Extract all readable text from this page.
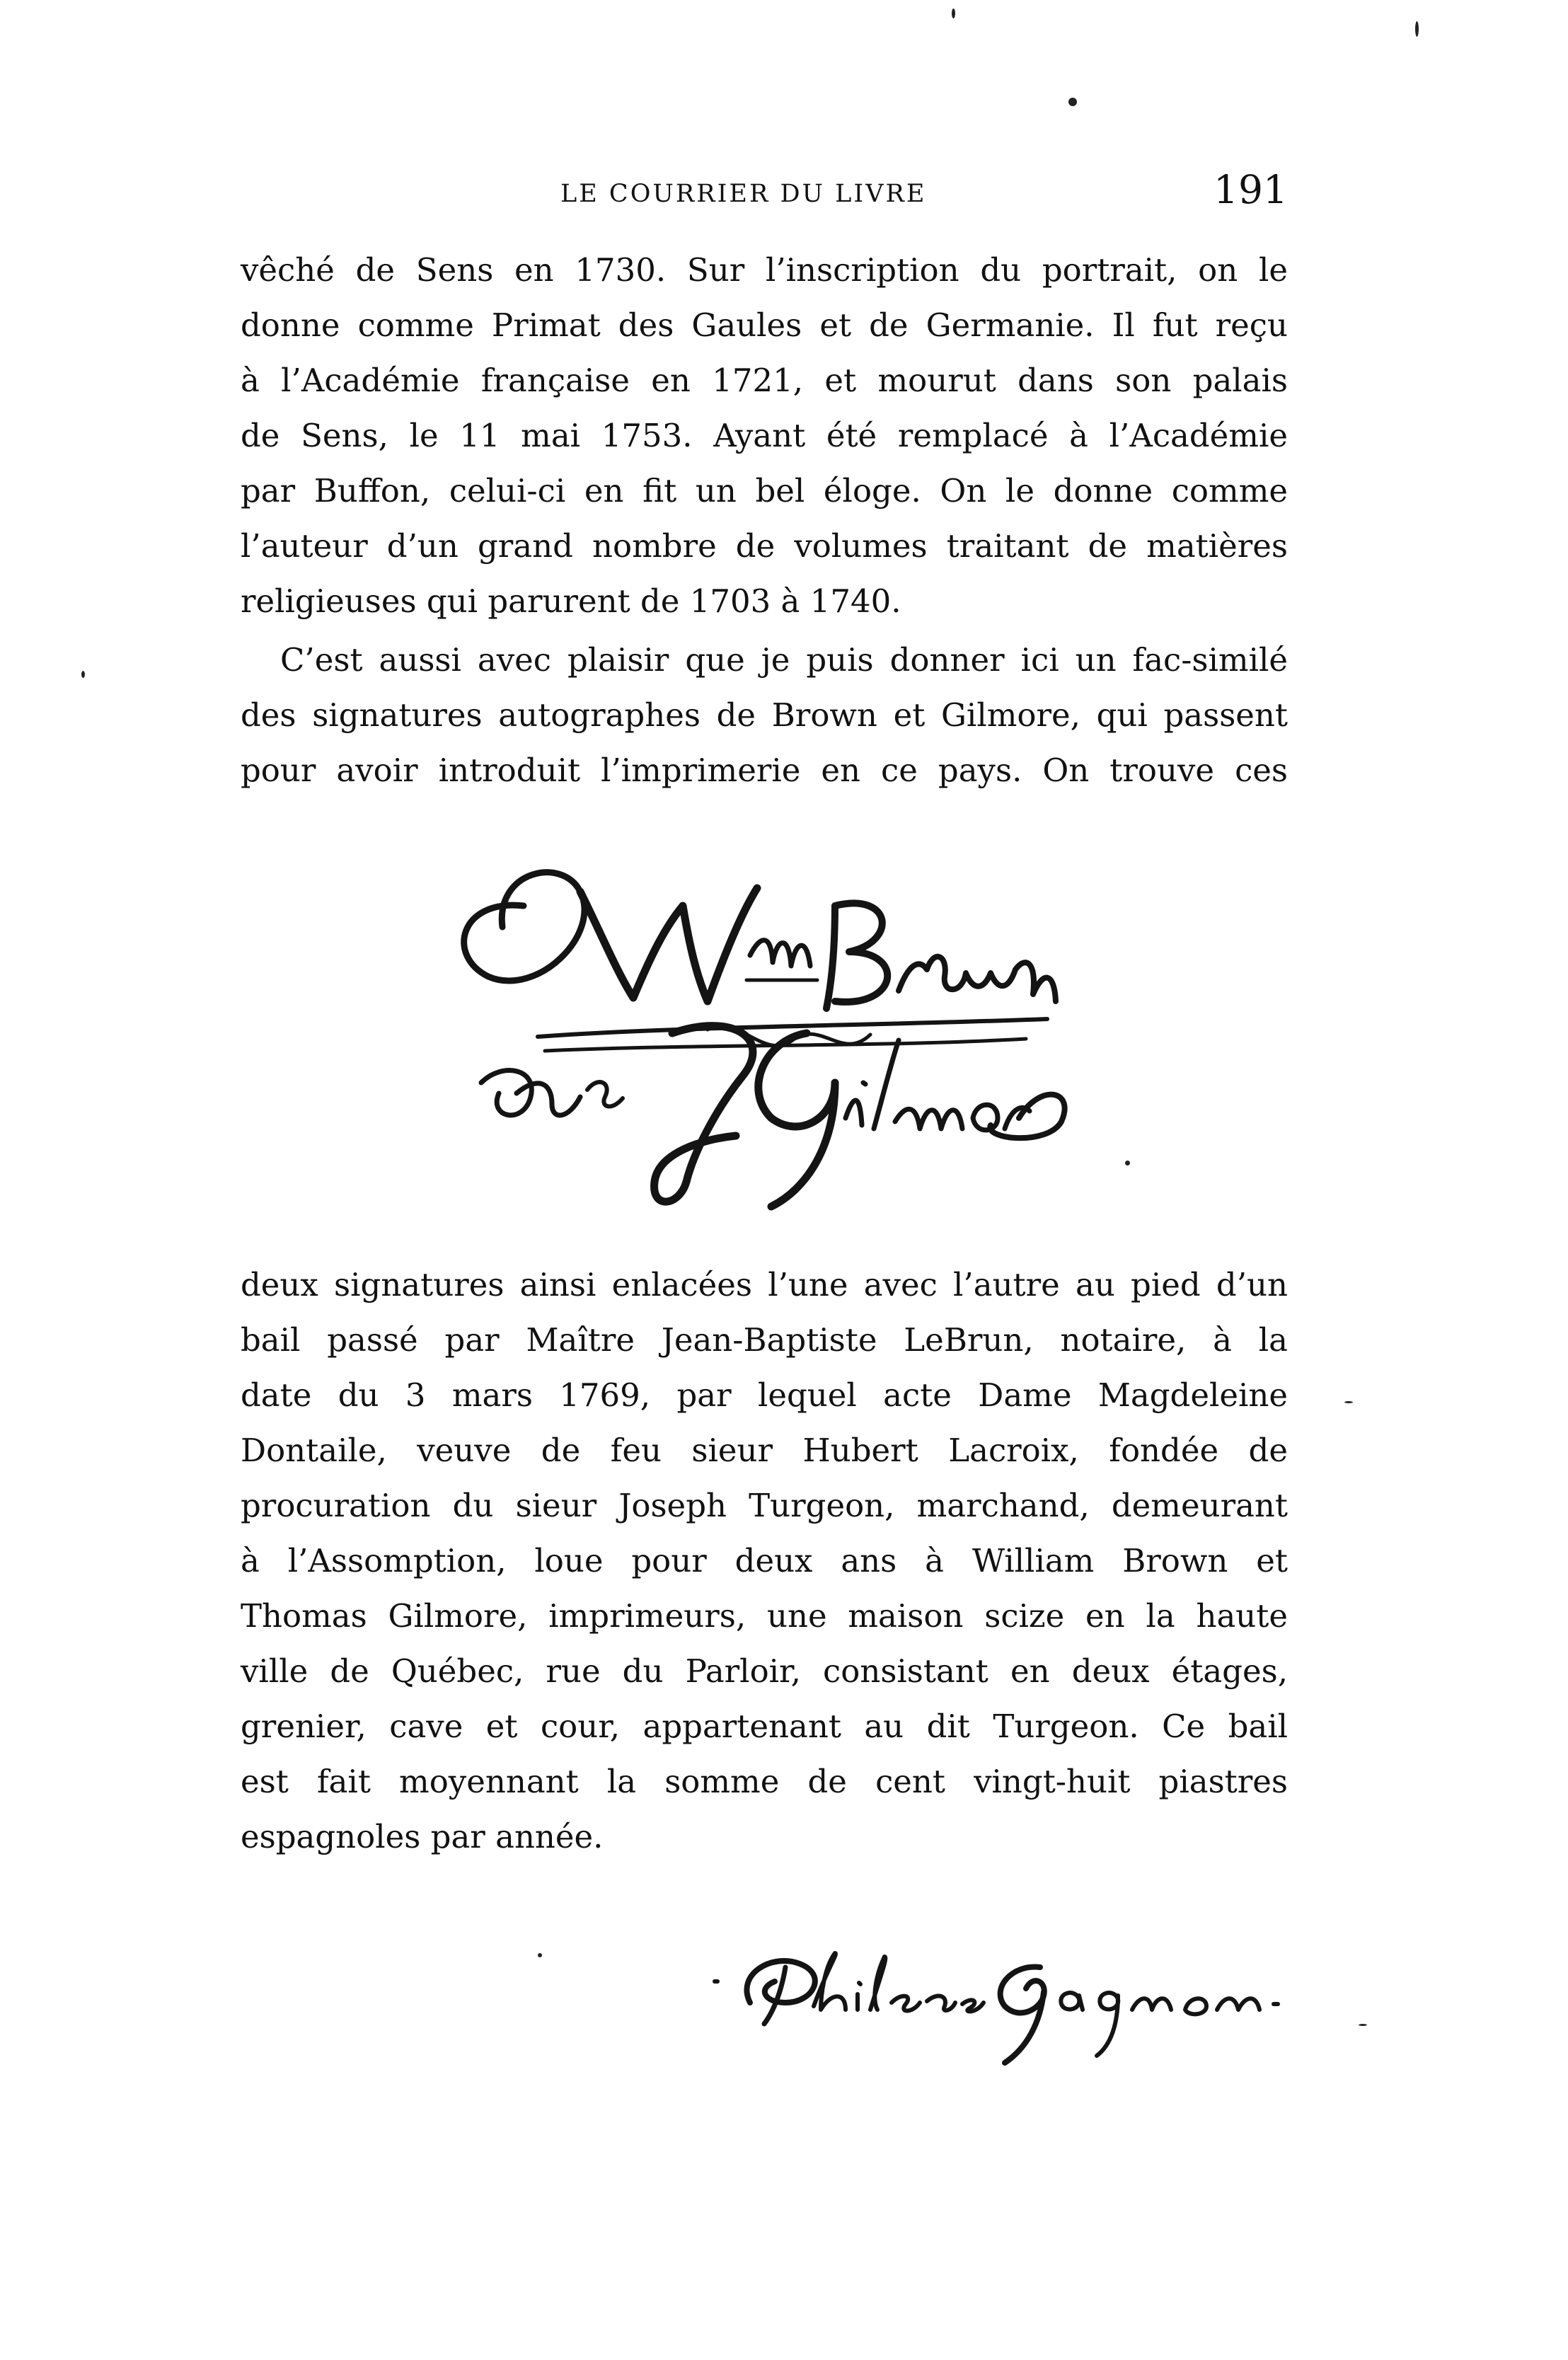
LE COURRIER DU LIVRE	191
vêché de Sens en 1730. Sur l’inscription du portrait, on le
donne comme Primat des Gaules et de Germanie. Il fut reçu
à l’Académie française en 1721, et mourut dans son palais
de Sens, le 11 mai 1753. Ayant été remplacé à l’Académie
par Buffon, celui-ci en fit un bel éloge. On le donne comme
l’auteur d’un grand nombre de volumes traitant de matières
religieuses qui parurent de 1703 à 1740.
C’est aussi avec plaisir que je puis donner ici un fac-similé
des signatures autographes de Brown et Gilmore, qui passent
pour avoir introduit l’imprimerie en ce pays. On trouve ces
deux signatures ainsi enlacées l’une avec l’autre au pied d’un
bail passé par Maître Jean-Baptiste LeBrun, notaire, à la
date du 3 mars 1769, par lequel acte Dame Magdeleine
Dontaile, veuve de feu sieur Hubert Lacroix, fondée de
procuration du sieur Joseph Turgeon, marchand, demeurant
à l’Assomption, loue pour deux ans à William Brown et
Thomas Gilmore, imprimeurs, une maison scize en la haute
ville de Québec, rue du Parloir, consistant en deux étages,
grenier, cave et cour, appartenant au dit Turgeon. Ce bail
est fait moyennant la somme de cent vingt-huit piastres
espagnoles par année.
